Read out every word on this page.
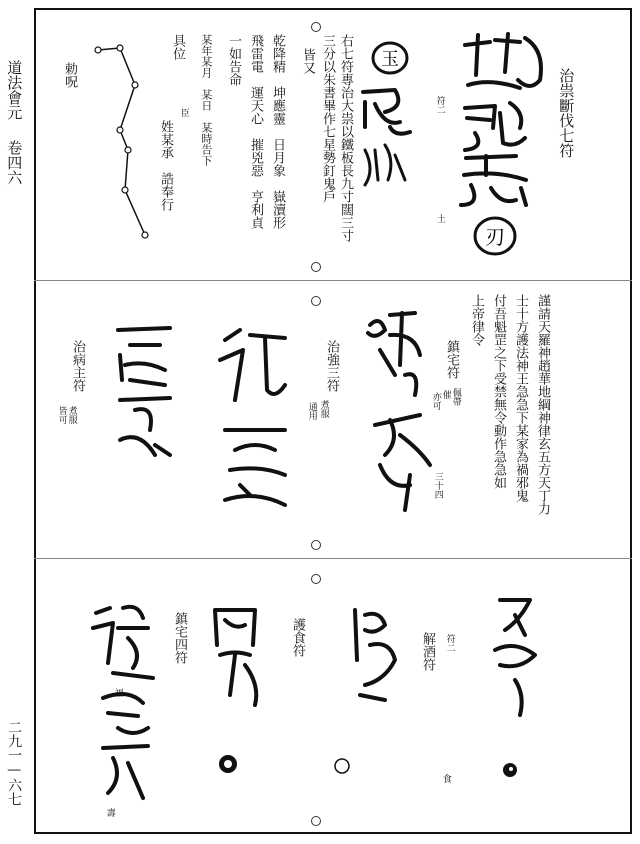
道法會元
卷四六
二九一—六七
治祟斷伐七符
刃
符二
土
玉
右七符專治大祟以鐵板長九寸闊三寸
三分以朱書畢作七星勢釘鬼戶
皆又
乾降精　坤應靈　日月象　嶽瀆形
飛雷電　運天心　摧兇惡　亨利貞
一如告命
某年某月　某日　某時告下
具位
臣
姓某承　誥奉行
勅呪
謹請天羅神趙華地綱神律玄五方天丁力
士十方護法神王急急下某家為禍邪鬼
付吾魁罡之下受禁無令動作急急如
上帝律令
鎮宅符
佩帶
催
亦可
三十四
治強三符
煮服
通用
治病主符
煮服
皆可
解酒符 符二
食
護食符
鎮宅四符
福
壽
